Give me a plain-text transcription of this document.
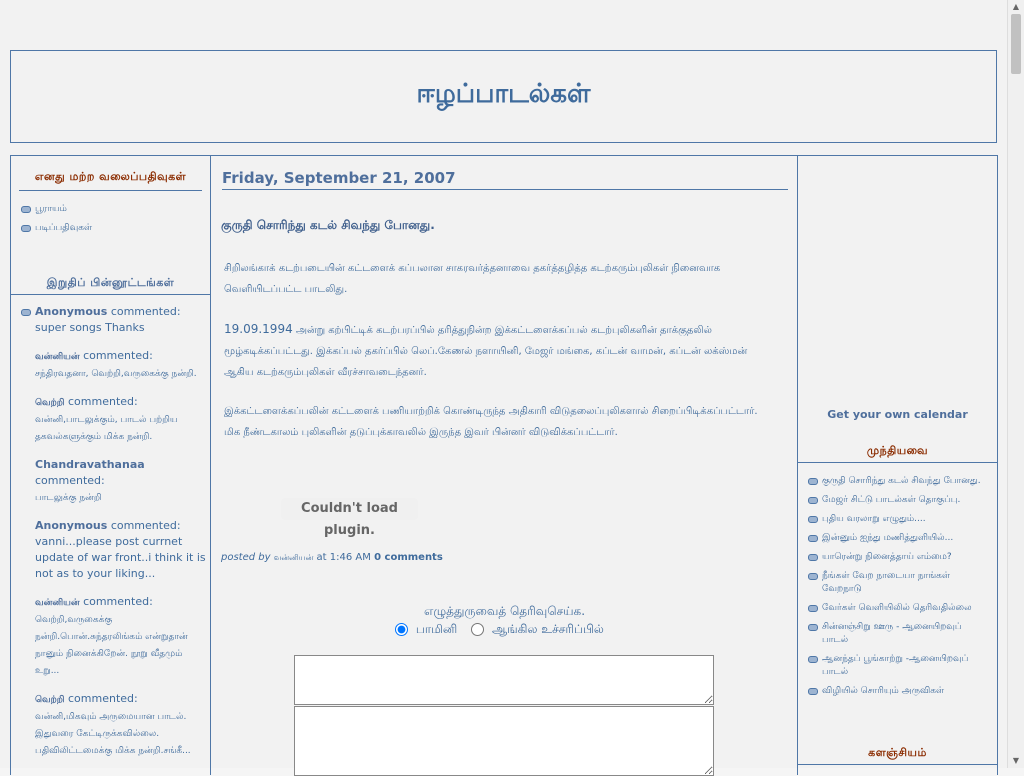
ஈழப்பாடல்கள்
எனது மற்ற வலைப்பதிவுகள்
பூராயம்
படிப்பதிவுகள்
இறுதிப் பின்னூட்டங்கள்
Anonymous commented:
super songs Thanks
வன்னியன் commented:
சந்திரவதனா, வெற்றி,வருகைக்கு நன்றி.
வெற்றி commented:
வன்னி,பாடலுக்கும், பாடல் பற்றிய தகவல்களுக்கும் மிக்க நன்றி.
Chandravathanaa commented:
பாடலுக்கு நன்றி
Anonymous commented:
vanni...please post currnet update of war front..i think it is not as to your liking...
வன்னியன் commented:
வெற்றி,வருகைக்கு நன்றி.பொன்.சுந்தரலிங்கம் என்றுதான் நானும் நினைக்கிறேன். நூறு வீதமும் உறு...
வெற்றி commented:
வன்னி,மிகவும் அருமையான பாடல். இதுவரை கேட்டிருக்கவில்லை. பதிவிலிட்டமைக்கு மிக்க நன்றி.சங்கீ...
Friday, September 21, 2007
குருதி சொரிந்து கடல் சிவந்து போனது.
சிறிலங்காக் கடற்படையின் கட்டளைக் கப்பலான சாகரவர்த்தனாவை தகர்த்தழித்த கடற்கரும்புலிகள் நினைவாக வெளியிடப்பட்ட பாடலிது.
19.09.1994 அன்று கற்பிட்டிக் கடற்பரப்பில் தரித்துநின்ற இக்கட்டளைக்கப்பல் கடற்புலிகளின் தாக்குதலில் மூழ்கடிக்கப்பட்டது. இக்கப்பல் தகர்ப்பில் லெப்.கேணல் நளாயினி, மேஜர் மங்கை, கப்டன் வாமன், கப்டன் லக்ஸ்மன் ஆகிய கடற்கரும்புலிகள் வீரச்சாவடைந்தனர்.
இக்கட்டளைக்கப்பலின் கட்டளைக் பணியாற்றிக் கொண்டிருந்த அதிகாரி விடுதலைப்புலிகளால் சிறைப்பிடிக்கப்பட்டார்.
மிக நீண்டகாலம் புலிகளின் தடுப்புக்காவலில் இருந்த இவர் பின்னர் விடுவிக்கப்பட்டார்.
Couldn't load plugin.
posted by வன்னியன் at 1:46 AM 0 comments
எழுத்துருவைத் தெரிவுசெய்க.
பாமினி	ஆங்கில உச்சரிப்பில்
Get your own calendar
முந்தியவை
குருதி சொரிந்து கடல் சிவந்து போனது.
மேஜர் சிட்டு பாடல்கள் தொகுப்பு.
புதிய வரலாறு எழுதும்....
இன்னும் ஐந்து மணித்துளியில்...
யாரென்று நினைத்தாய் எம்மை?
நீங்கள் வேற நாடையா நாங்கள் வேறநாடு
வேர்கள் வெளியிலில் தெரிவதில்லை
சின்னஞ்சிறு ஊரு - ஆனையிறவுப் பாடல்
ஆனந்தப் பூங்காற்று -ஆனையிறவுப் பாடல்
விழியில் சொரியும் அருவிகள்
களஞ்சியம்
▲
▼
